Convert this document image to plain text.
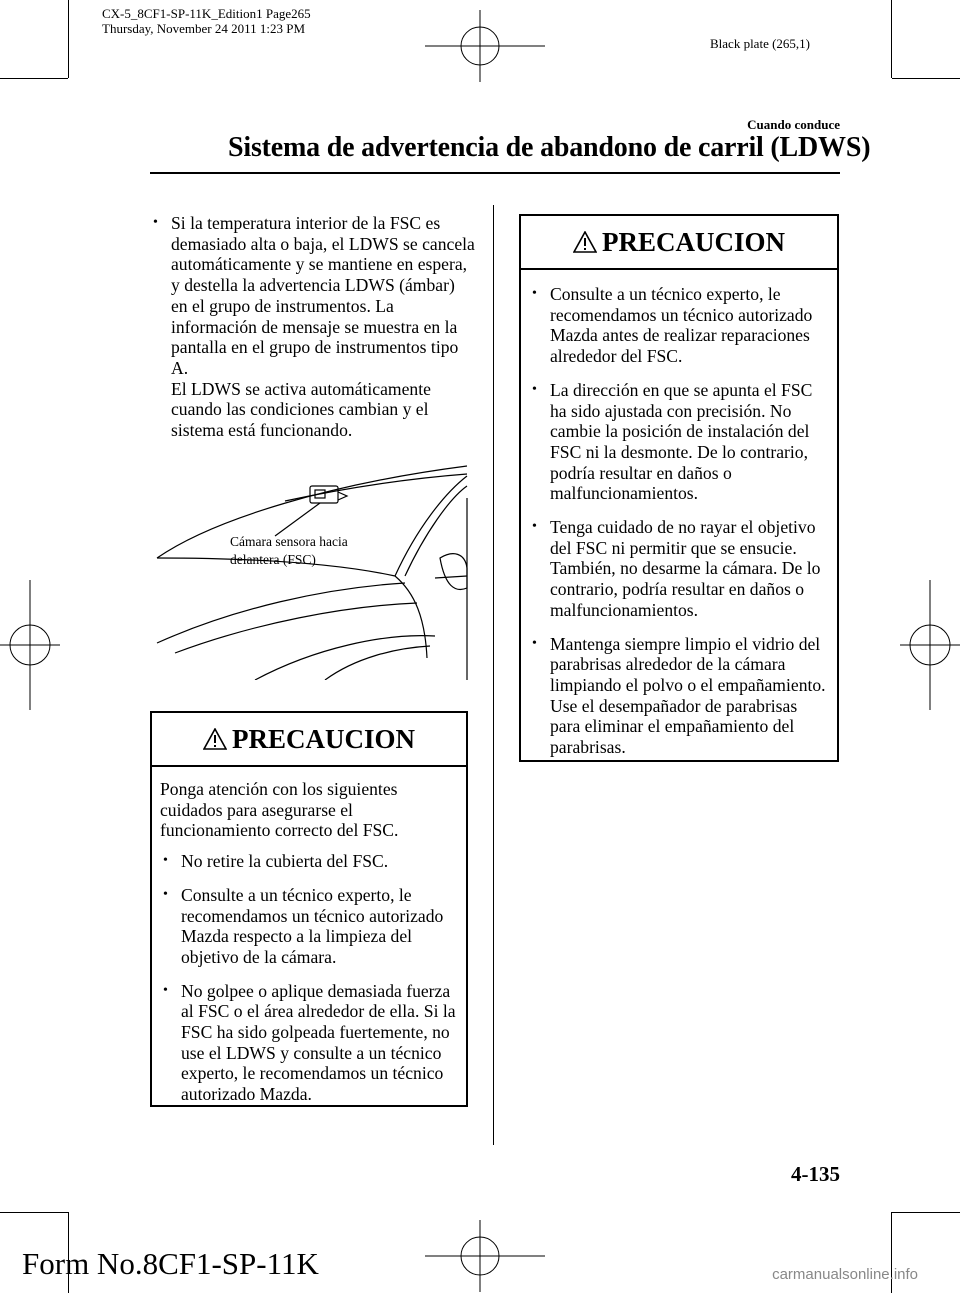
CX-5_8CF1-SP-11K_Edition1 Page265
Thursday, November 24 2011 1:23 PM
Black plate (265,1)
Cuando conduce
Sistema de advertencia de abandono de carril (LDWS)
• Si la temperatura interior de la FSC es demasiado alta o baja, el LDWS se cancela automáticamente y se mantiene en espera, y destella la advertencia LDWS (ámbar) en el grupo de instrumentos. La información de mensaje se muestra en la pantalla en el grupo de instrumentos tipo A.
El LDWS se activa automáticamente cuando las condiciones cambian y el sistema está funcionando.
Cámara sensora hacia
delantera (FSC)
PRECAUCION
Ponga atención con los siguientes cuidados para asegurarse el funcionamiento correcto del FSC.
• No retire la cubierta del FSC.
• Consulte a un técnico experto, le recomendamos un técnico autorizado Mazda respecto a la limpieza del objetivo de la cámara.
• No golpee o aplique demasiada fuerza al FSC o el área alrededor de ella. Si la FSC ha sido golpeada fuertemente, no use el LDWS y consulte a un técnico experto, le recomendamos un técnico autorizado Mazda.
PRECAUCION
• Consulte a un técnico experto, le recomendamos un técnico autorizado Mazda antes de realizar reparaciones alrededor del FSC.
• La dirección en que se apunta el FSC ha sido ajustada con precisión. No cambie la posición de instalación del FSC ni la desmonte. De lo contrario, podría resultar en daños o malfuncionamientos.
• Tenga cuidado de no rayar el objetivo del FSC ni permitir que se ensucie. También, no desarme la cámara. De lo contrario, podría resultar en daños o malfuncionamientos.
• Mantenga siempre limpio el vidrio del parabrisas alrededor de la cámara limpiando el polvo o el empañamiento. Use el desempañador de parabrisas para eliminar el empañamiento del parabrisas.
4-135
Form No.8CF1-SP-11K	carmanualsonline.info
